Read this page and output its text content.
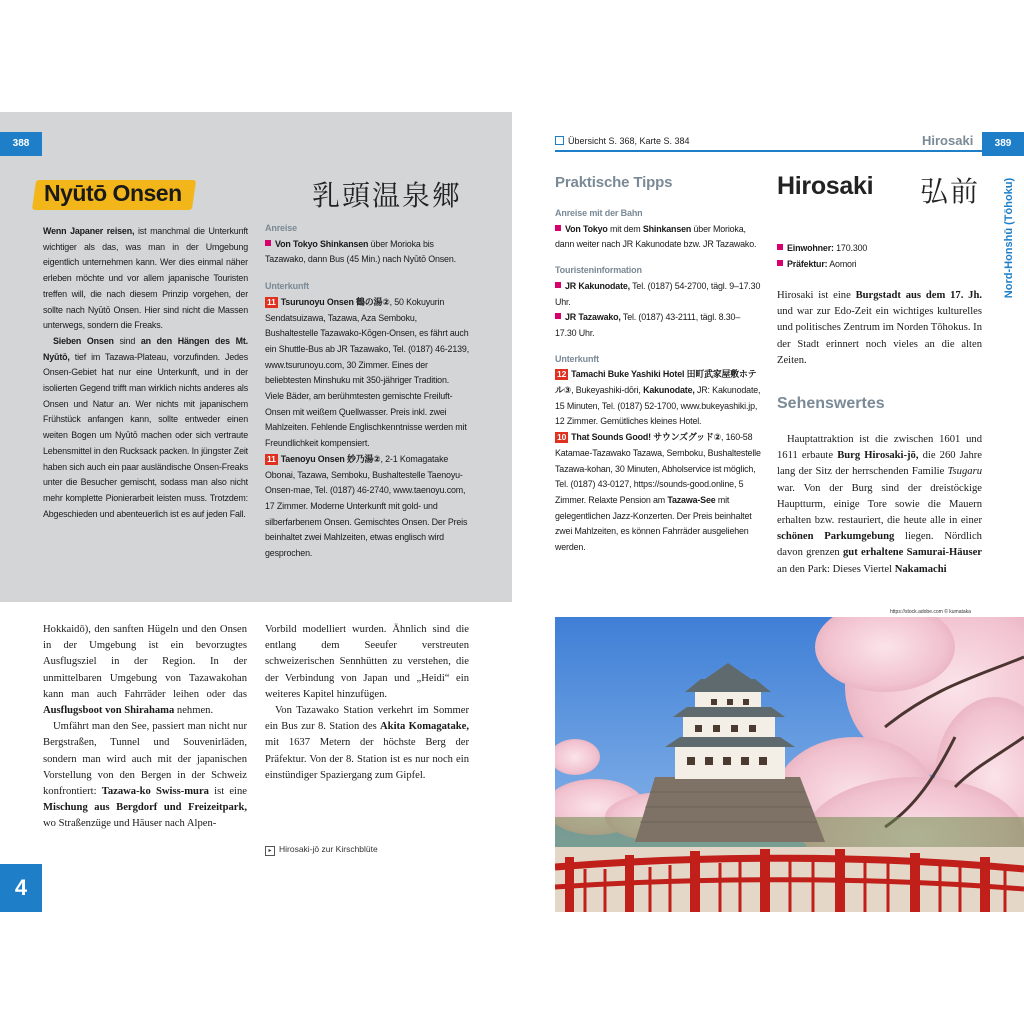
388
Nyūtō Onsen	乳頭温泉郷

Wenn Japaner reisen, ist manchmal die Unterkunft wichtiger als das, was man in der Umgebung eigentlich unternehmen kann. Wer dies einmal näher erleben möchte und vor allem japanische Touristen treffen will, die nach diesem Prinzip vorgehen, der sollte nach Nyūtō Onsen. Hier sind nicht die Massen unterwegs, sondern die Freaks.

Sieben Onsen sind an den Hängen des Mt. Nyūtō, tief im Tazawa-Plateau, vorzufinden. Jedes Onsen-Gebiet hat nur eine Unterkunft, und in der isolierten Gegend trifft man wirklich nichts anderes als Onsen und Natur an. Wer nichts mit japanischem Frühstück anfangen kann, sollte entweder einen weiten Bogen um Nyūtō machen oder sich vertraute Lebensmittel in den Rucksack packen. In jüngster Zeit haben sich auch ein paar ausländische Onsen-Freaks unter die Besucher gemischt, sodass man also nicht mehr komplette Pionierarbeit leisten muss. Trotzdem: Abgeschieden und abenteuerlich ist es auf jeden Fall.

Anreise

Von Tokyo Shinkansen über Morioka bis Tazawako, dann Bus (45 Min.) nach Nyūtō Onsen.

Unterkunft

11 Tsurunoyu Onsen 鶴の湯②, 50 Kokuyurin Sendatsuizawa, Tazawa, Aza Semboku, Bushaltestelle Tazawako-Kōgen-Onsen, es fährt auch ein Shuttle-Bus ab JR Tazawako, Tel. (0187) 46-2139, www.tsurunoyu.com, 30 Zimmer. Eines der beliebtesten Minshuku mit 350-jähriger Tradition. Viele Bäder, am berühmtesten gemischte Freiluft-Onsen mit weißem Quellwasser. Preis inkl. zwei Mahlzeiten. Fehlende Englischkenntnisse werden mit Freundlichkeit kompensiert.

11 Taenoyu Onsen 妙乃湯②, 2-1 Komagatake Obonai, Tazawa, Semboku, Bushaltestelle Taenoyu-Onsen-mae, Tel. (0187) 46-2740, www.taenoyu.com, 17 Zimmer. Moderne Unterkunft mit gold- und silberfarbenem Onsen. Gemischtes Onsen. Der Preis beinhaltet zwei Mahlzeiten, etwas englisch wird gesprochen.

Hokkaidō), den sanften Hügeln und den Onsen in der Umgebung ist ein bevorzugtes Ausflugsziel in der Region. In der unmittelbaren Umgebung von Tazawakohan kann man auch Fahrräder leihen oder das Ausflugsboot von Shirahama nehmen.

Umfährt man den See, passiert man nicht nur Bergstraßen, Tunnel und Souvenirläden, sondern man wird auch mit der japanischen Vorstellung von den Bergen in der Schweiz konfrontiert: Tazawa-ko Swiss-mura ist eine Mischung aus Bergdorf und Freizeitpark, wo Straßenzüge und Häuser nach Alpen-

Vorbild modelliert wurden. Ähnlich sind die entlang dem Seeufer verstreuten schweizerischen Sennhütten zu verstehen, die der Verbindung von Japan und „Heidi“ ein weiteres Kapitel hinzufügen.

Von Tazawako Station verkehrt im Sommer ein Bus zur 8. Station des Akita Komagatake, mit 1637 Metern der höchste Berg der Präfektur. Von der 8. Station ist es nur noch ein einstündiger Spaziergang zum Gipfel.

▸ Hirosaki-jō zur Kirschblüte
4
Übersicht S. 368, Karte S. 384	Hirosaki	389
Nord-Honshū (Tōhoku)

Praktische Tipps

Anreise mit der Bahn

Von Tokyo mit dem Shinkansen über Morioka, dann weiter nach JR Kakunodate bzw. JR Tazawako.

Touristeninformation

JR Kakunodate, Tel. (0187) 54-2700, tägl. 9–17.30 Uhr.

JR Tazawako, Tel. (0187) 43-2111, tägl. 8.30–17.30 Uhr.

Unterkunft

12 Tamachi Buke Yashiki Hotel 田町武家屋敷ホテル③, Bukeyashiki-dōri, Kakunodate, JR: Kakunodate, 15 Minuten, Tel. (0187) 52-1700, www.bukeyashiki.jp, 12 Zimmer. Gemütliches kleines Hotel.

10 That Sounds Good! サウンズグッド②, 160-58 Katamae-Tazawako Tazawa, Semboku, Bushaltestelle Tazawa-kohan, 30 Minuten, Abholservice ist möglich, Tel. (0187) 43-0127, https://sounds-good.online, 5 Zimmer. Relaxte Pension am Tazawa-See mit gelegentlichen Jazz-Konzerten. Der Preis beinhaltet zwei Mahlzeiten, es können Fahrräder ausgeliehen werden.

Hirosaki 弘前
Einwohner: 170.300
Präfektur: Aomori

Hirosaki ist eine Burgstadt aus dem 17. Jh. und war zur Edo-Zeit ein wichtiges kulturelles und politisches Zentrum im Norden Tōhokus. In der Stadt erinnert noch vieles an die alten Zeiten.

Sehenswertes

Hauptattraktion ist die zwischen 1601 und 1611 erbaute Burg Hirosaki-jō, die 260 Jahre lang der Sitz der herrschenden Familie Tsugaru war. Von der Burg sind der dreistöckige Hauptturm, einige Tore sowie die Mauern erhalten bzw. restauriert, die heute alle in einer schönen Parkumgebung liegen. Nördlich davon grenzen gut erhaltene Samurai-Häuser an den Park: Dieses Viertel Nakamachi

https://stock.adobe.com © kumataka
